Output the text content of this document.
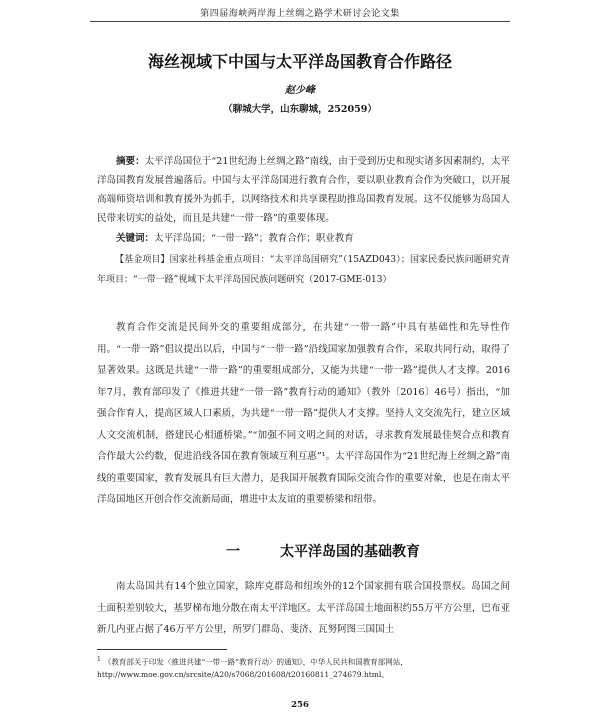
第四届海峡两岸海上丝绸之路学术研讨会论文集
海丝视域下中国与太平洋岛国教育合作路径
赵少峰
（聊城大学，山东聊城，252059）
摘要：太平洋岛国位于“21世纪海上丝绸之路”南线，由于受到历史和现实诸多因素制约，太平洋岛国教育发展普遍落后。中国与太平洋岛国进行教育合作，要以职业教育合作为突破口，以开展高端师资培训和教育援外为抓手，以网络技术和共享课程助推岛国教育发展。这不仅能够为岛国人民带来切实的益处，而且是共建“一带一路”的重要体现。
关键词：太平洋岛国；“一带一路”；教育合作；职业教育
【基金项目】国家社科基金重点项目：“太平洋岛国研究”（15AZD043）；国家民委民族问题研究青年项目：“一带一路”视域下太平洋岛国民族问题研究（2017-GME-013）
教育合作交流是民间外交的重要组成部分，在共建“一带一路”中具有基础性和先导性作用。“一带一路”倡议提出以后，中国与“一带一路”沿线国家加强教育合作，采取共同行动，取得了显著效果。这既是共建“一带一路”的重要组成部分，又能为共建“一带一路”提供人才支撑。2016年7月，教育部印发了《推进共建“一带一路”教育行动的通知》（教外〔2016〕46号）指出，“加强合作育人，提高区域人口素质，为共建“一带一路”提供人才支撑。坚持人文交流先行，建立区域人文交流机制，搭建民心相通桥梁。”“加强不同文明之间的对话，寻求教育发展最佳契合点和教育合作最大公约数，促进沿线各国在教育领域互利互惠”¹。太平洋岛国作为“21世纪海上丝绸之路”南线的重要国家，教育发展具有巨大潜力，是我国开展教育国际交流合作的重要对象，也是在南太平洋岛国地区开创合作交流新局面，增进中太友谊的重要桥梁和纽带。
一	太平洋岛国的基础教育
南太岛国共有14个独立国家，除库克群岛和纽埃外的12个国家拥有联合国投票权。岛国之间土面积差别较大，基罗梯布地分散在南太平洋地区。太平洋岛国土地面积约55万平方公里，巴布亚新几内亚占据了46万平方公里，所罗门群岛、斐济、瓦努阿图三国国土
$^1$ 《教育部关于印发〈推进共建“一带一路”教育行动〉的通知》，中华人民共和国教育部网站，http://www.moe.gov.cn/srcsite/A20/s7068/201608/t20160811_274679.html。
256
